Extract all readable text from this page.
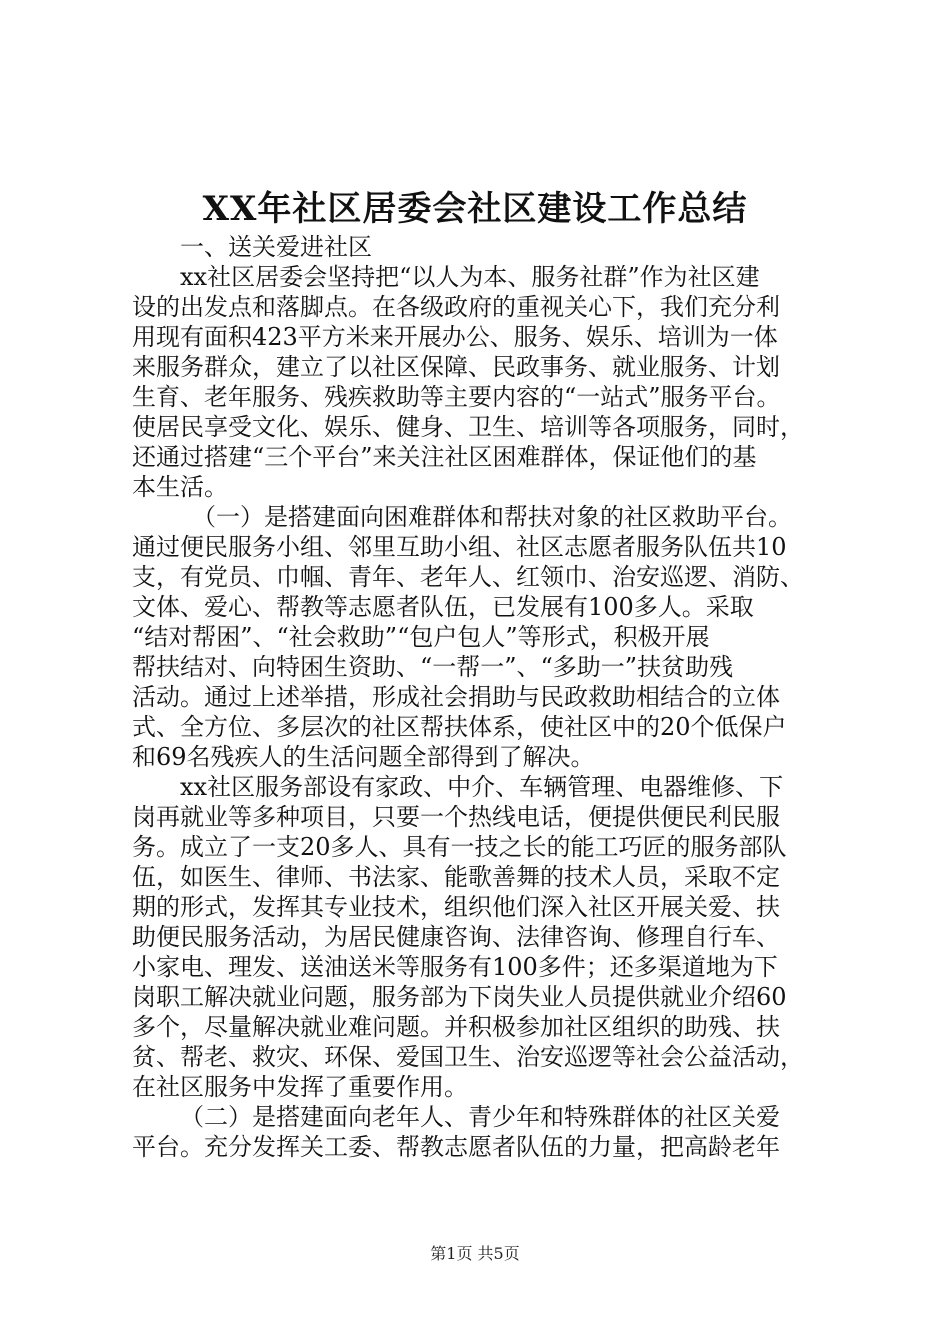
XX年社区居委会社区建设工作总结
一、送关爱进社区
xx社区居委会坚持把“以人为本、服务社群”作为社区建
设的出发点和落脚点。在各级政府的重视关心下，我们充分利
用现有面积423平方米来开展办公、服务、娱乐、培训为一体
来服务群众，建立了以社区保障、民政事务、就业服务、计划
生育、老年服务、残疾救助等主要内容的“一站式”服务平台。
使居民享受文化、娱乐、健身、卫生、培训等各项服务，同时，
还通过搭建“三个平台”来关注社区困难群体，保证他们的基
本生活。
（一）是搭建面向困难群体和帮扶对象的社区救助平台。
通过便民服务小组、邻里互助小组、社区志愿者服务队伍共10
支，有党员、巾帼、青年、老年人、红领巾、治安巡逻、消防、
文体、爱心、帮教等志愿者队伍，已发展有100多人。采取
“结对帮困”、“社会救助”“包户包人”等形式，积极开展
帮扶结对、向特困生资助、“一帮一”、“多助一”扶贫助残
活动。通过上述举措，形成社会捐助与民政救助相结合的立体
式、全方位、多层次的社区帮扶体系，使社区中的20个低保户
和69名残疾人的生活问题全部得到了解决。
xx社区服务部设有家政、中介、车辆管理、电器维修、下
岗再就业等多种项目，只要一个热线电话，便提供便民利民服
务。成立了一支20多人、具有一技之长的能工巧匠的服务部队
伍，如医生、律师、书法家、能歌善舞的技术人员，采取不定
期的形式，发挥其专业技术，组织他们深入社区开展关爱、扶
助便民服务活动，为居民健康咨询、法律咨询、修理自行车、
小家电、理发、送油送米等服务有100多件；还多渠道地为下
岗职工解决就业问题，服务部为下岗失业人员提供就业介绍60
多个，尽量解决就业难问题。并积极参加社区组织的助残、扶
贫、帮老、救灾、环保、爱国卫生、治安巡逻等社会公益活动，
在社区服务中发挥了重要作用。
（二）是搭建面向老年人、青少年和特殊群体的社区关爱
平台。充分发挥关工委、帮教志愿者队伍的力量，把高龄老年
第1页 共5页
